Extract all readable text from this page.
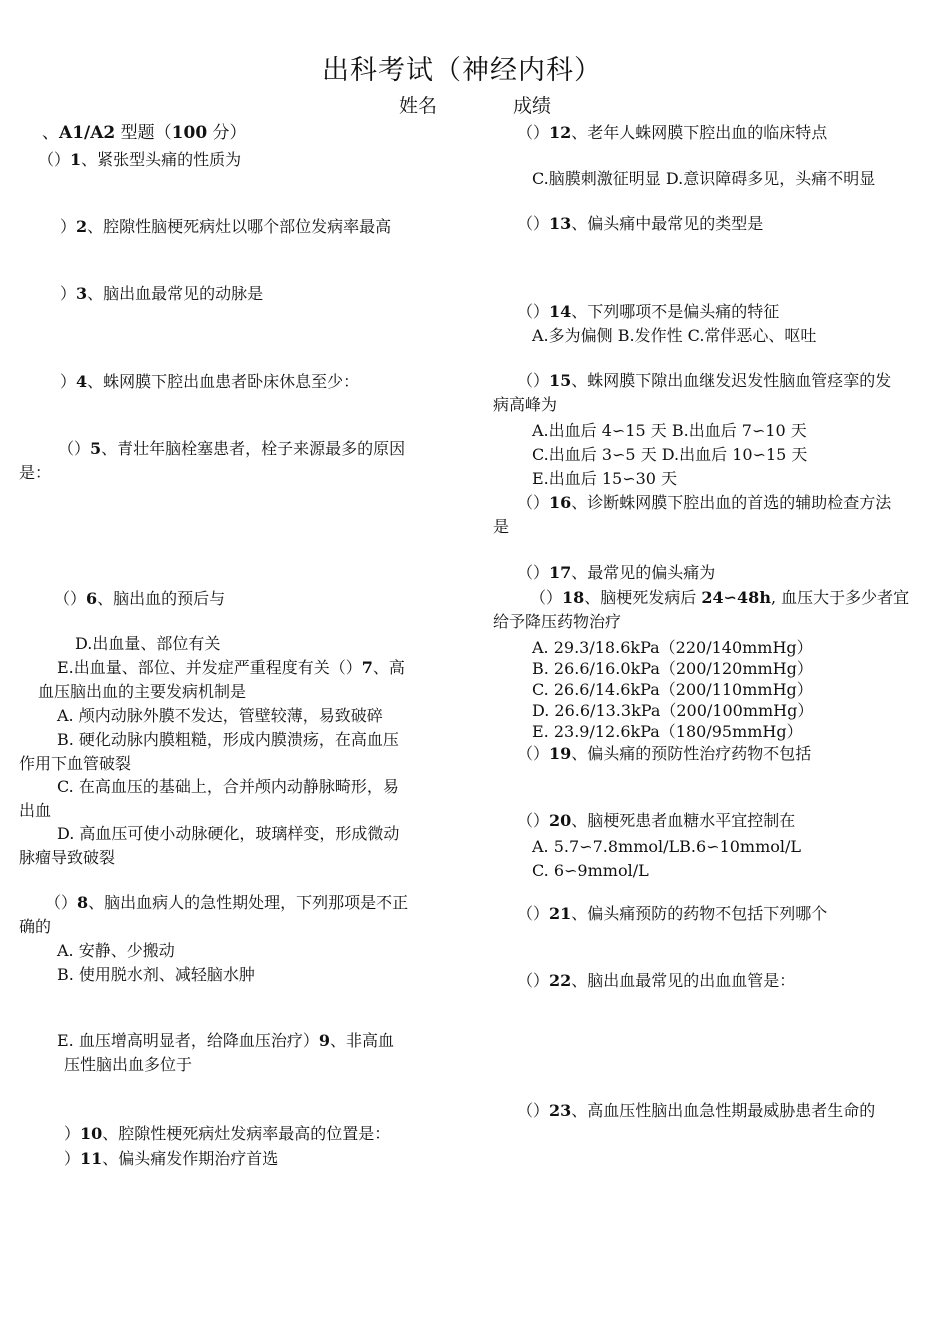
出科考试（神经内科）
姓名	成绩
、A1/A2 型题（100 分）
（）1、紧张型头痛的性质为
）2、腔隙性脑梗死病灶以哪个部位发病率最高
）3、脑出血最常见的动脉是
）4、蛛网膜下腔出血患者卧床休息至少：
（）5、青壮年脑栓塞患者，栓子来源最多的原因
是：
（）6、脑出血的预后与
D.出血量、部位有关
E.出血量、部位、并发症严重程度有关（）7、高
血压脑出血的主要发病机制是
A. 颅内动脉外膜不发达，管壁较薄，易致破碎
B. 硬化动脉内膜粗糙，形成内膜溃疡，在高血压
作用下血管破裂
C. 在高血压的基础上，合并颅内动静脉畸形，易
出血
D. 高血压可使小动脉硬化，玻璃样变，形成微动
脉瘤导致破裂
（）8、脑出血病人的急性期处理，下列那项是不正
确的
A. 安静、少搬动
B. 使用脱水剂、减轻脑水肿
E. 血压增高明显者，给降血压治疗）9、非高血
压性脑出血多位于
）10、腔隙性梗死病灶发病率最高的位置是：
）11、偏头痛发作期治疗首选
（）12、老年人蛛网膜下腔出血的临床特点
C.脑膜刺激征明显 D.意识障碍多见，头痛不明显
（）13、偏头痛中最常见的类型是
（）14、下列哪项不是偏头痛的特征
A.多为偏侧 B.发作性 C.常伴恶心、呕吐
（）15、蛛网膜下隙出血继发迟发性脑血管痉挛的发
病高峰为
A.出血后 4∽15 天 B.出血后 7∽10 天
C.出血后 3∽5 天 D.出血后 10∽15 天
E.出血后 15∽30 天
（）16、诊断蛛网膜下腔出血的首选的辅助检查方法
是
（）17、最常见的偏头痛为
（）18、脑梗死发病后 24∽48h, 血压大于多少者宜
给予降压药物治疗
A. 29.3/18.6kPa（220/140mmHg）
B. 26.6/16.0kPa（200/120mmHg）
C. 26.6/14.6kPa（200/110mmHg）
D. 26.6/13.3kPa（200/100mmHg）
E. 23.9/12.6kPa（180/95mmHg）
（）19、偏头痛的预防性治疗药物不包括
（）20、脑梗死患者血糖水平宜控制在
A. 5.7∽7.8mmol/LB.6∽10mmol/L
C. 6∽9mmol/L
（）21、偏头痛预防的药物不包括下列哪个
（）22、脑出血最常见的出血血管是：
（）23、高血压性脑出血急性期最威胁患者生命的
